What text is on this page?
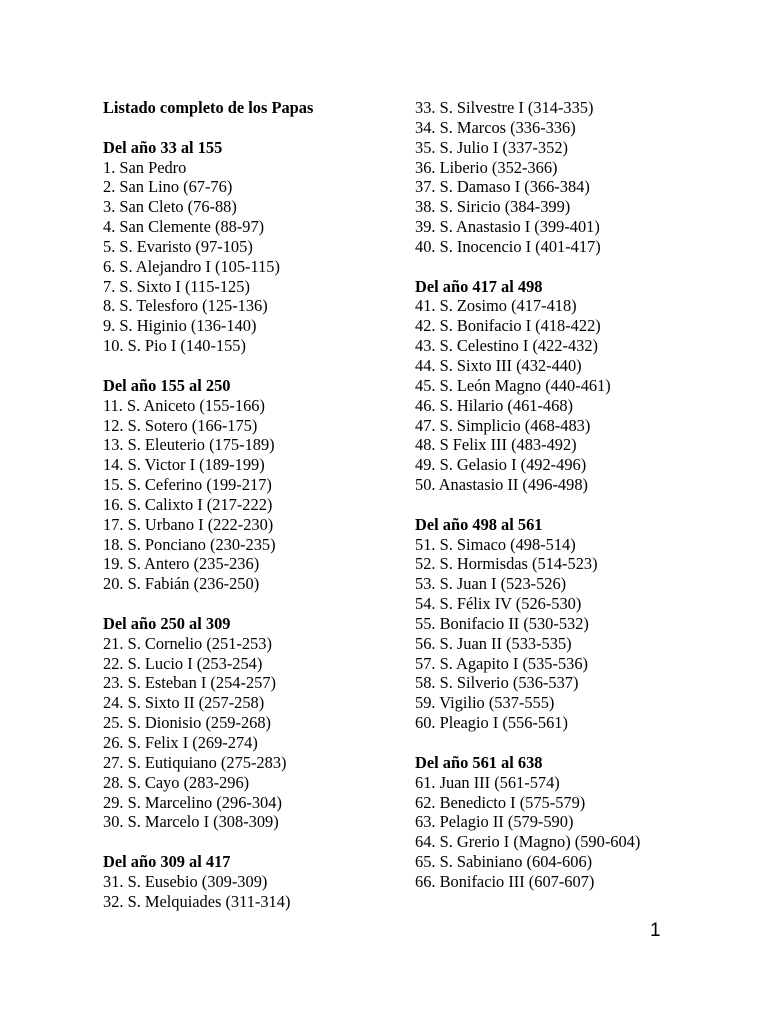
Listado completo de los Papas
Del año 33 al 155
1. San Pedro
2. San Lino (67-76)
3. San Cleto (76-88)
4. San Clemente (88-97)
5. S. Evaristo (97-105)
6. S. Alejandro I (105-115)
7. S. Sixto I (115-125)
8. S. Telesforo (125-136)
9. S. Higinio (136-140)
10. S. Pio I (140-155)
Del año 155 al 250
11. S. Aniceto (155-166)
12. S. Sotero (166-175)
13. S. Eleuterio (175-189)
14. S. Victor I (189-199)
15. S. Ceferino (199-217)
16. S. Calixto I (217-222)
17. S. Urbano I (222-230)
18. S. Ponciano (230-235)
19. S. Antero (235-236)
20. S. Fabián (236-250)
Del año 250 al 309
21. S. Cornelio (251-253)
22. S. Lucio I (253-254)
23. S. Esteban I (254-257)
24. S. Sixto II (257-258)
25. S. Dionisio (259-268)
26. S. Felix I (269-274)
27. S. Eutiquiano (275-283)
28. S. Cayo (283-296)
29. S. Marcelino (296-304)
30. S. Marcelo I (308-309)
Del año 309 al 417
31. S. Eusebio (309-309)
32. S. Melquiades (311-314)
33. S. Silvestre I (314-335)
34. S. Marcos (336-336)
35. S. Julio I (337-352)
36. Liberio (352-366)
37. S. Damaso I (366-384)
38. S. Siricio (384-399)
39. S. Anastasio I (399-401)
40. S. Inocencio I (401-417)
Del año 417 al 498
41. S. Zosimo (417-418)
42. S. Bonifacio I (418-422)
43. S. Celestino I (422-432)
44. S. Sixto III (432-440)
45. S. León Magno (440-461)
46. S. Hilario (461-468)
47. S. Simplicio (468-483)
48. S Felix III (483-492)
49. S. Gelasio I (492-496)
50. Anastasio II (496-498)
Del año 498 al 561
51. S. Simaco (498-514)
52. S. Hormisdas (514-523)
53. S. Juan I (523-526)
54. S. Félix IV (526-530)
55. Bonifacio II (530-532)
56. S. Juan II (533-535)
57. S. Agapito I (535-536)
58. S. Silverio (536-537)
59. Vigilio (537-555)
60. Pleagio I (556-561)
Del año 561 al 638
61. Juan III (561-574)
62. Benedicto I (575-579)
63. Pelagio II (579-590)
64. S. Grerio I (Magno) (590-604)
65. S. Sabiniano (604-606)
66. Bonifacio III (607-607)
1
